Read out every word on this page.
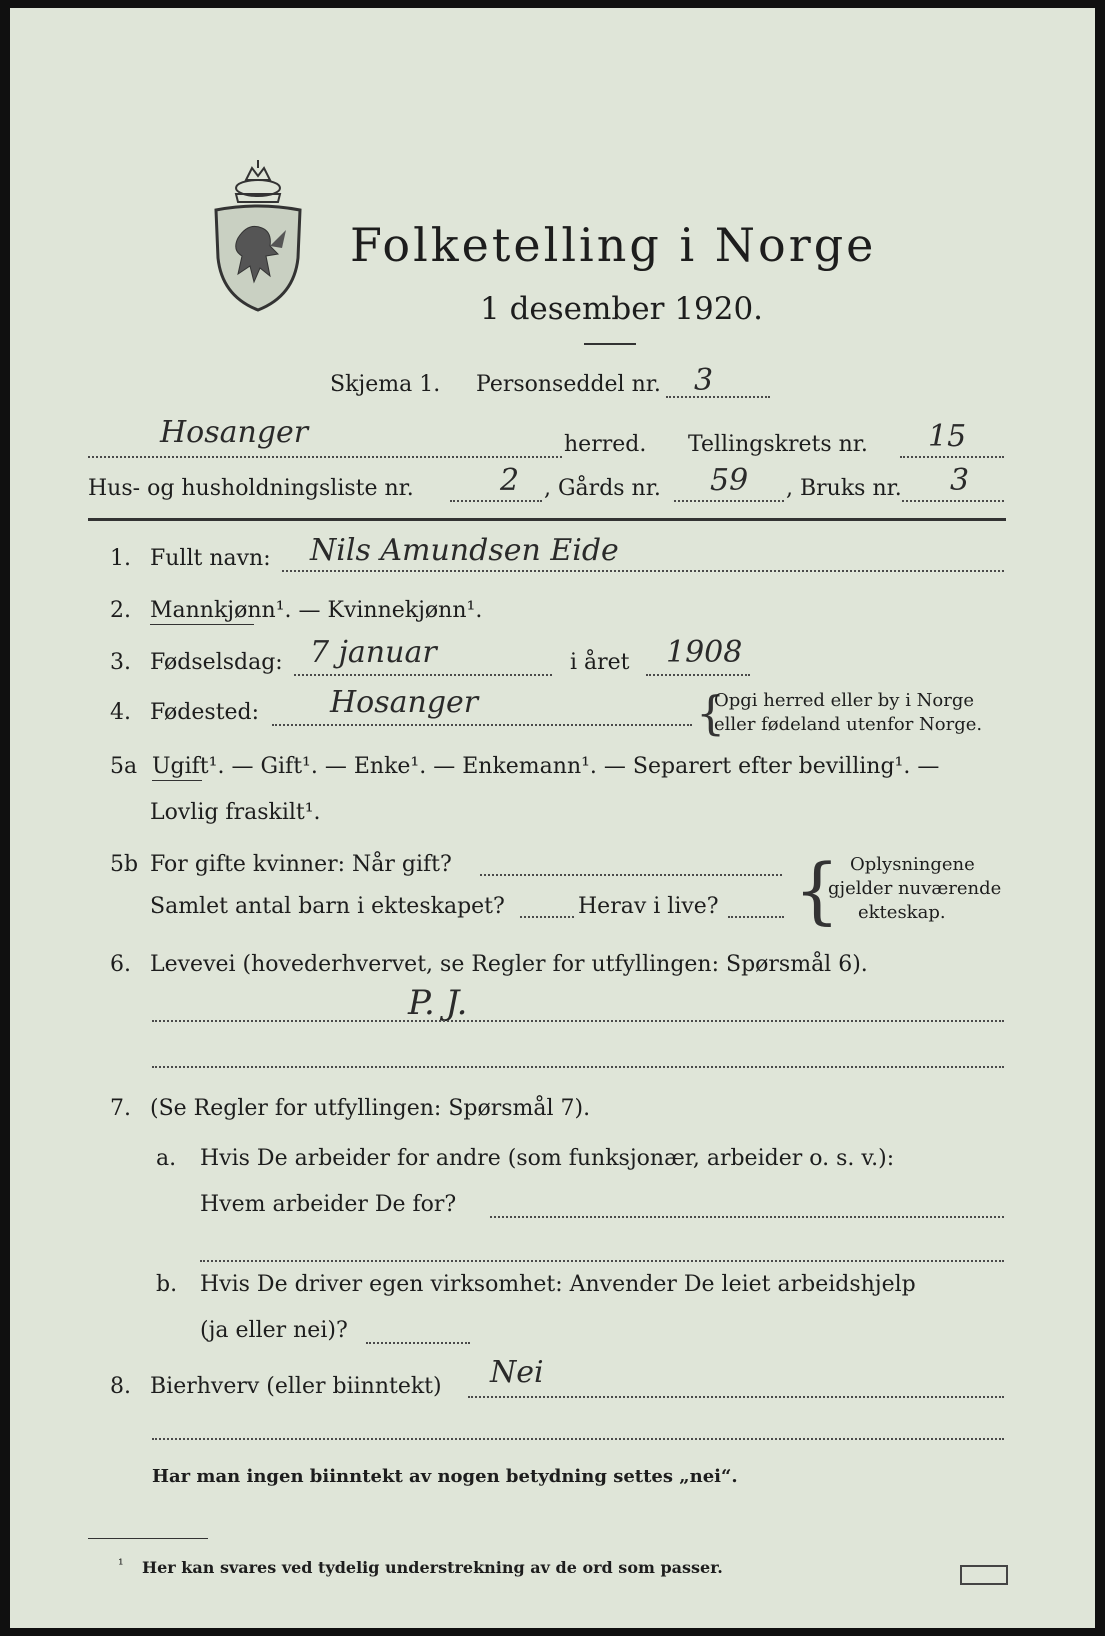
Folketelling i Norge
1 desember 1920.
Skjema 1. Personseddel nr. 3
Hosanger	herred. Tellingskrets nr. 15
Hus- og husholdningsliste nr.	2 , Gårds nr. 59 , Bruks nr. 3
1. Fullt navn: Nils Amundsen Eide
2. Mannkjønn¹. — Kvinnekjønn¹.
3. Fødselsdag: 7 januar	i året 1908
4. Fødested: Hosanger	{
Opgi herred eller by i Norge
eller fødeland utenfor Norge.
5a Ugift¹. — Gift¹. — Enke¹. — Enkemann¹. — Separert efter bevilling¹. —
Lovlig fraskilt¹.
5b For gifte kvinner: Når gift?
Samlet antal barn i ekteskapet?	Herav i live? { Oplysningene
gjelder nuværende
ekteskap.
6. Levevei (hovederhvervet, se Regler for utfyllingen: Spørsmål 6).
P. J.
7. (Se Regler for utfyllingen: Spørsmål 7).
a. Hvis De arbeider for andre (som funksjonær, arbeider o. s. v.):
Hvem arbeider De for?
b. Hvis De driver egen virksomhet: Anvender De leiet arbeidshjelp
(ja eller nei)?
8. Bierhverv (eller biinntekt) Nei
Har man ingen biinntekt av nogen betydning settes „nei“.
¹ Her kan svares ved tydelig understrekning av de ord som passer.
